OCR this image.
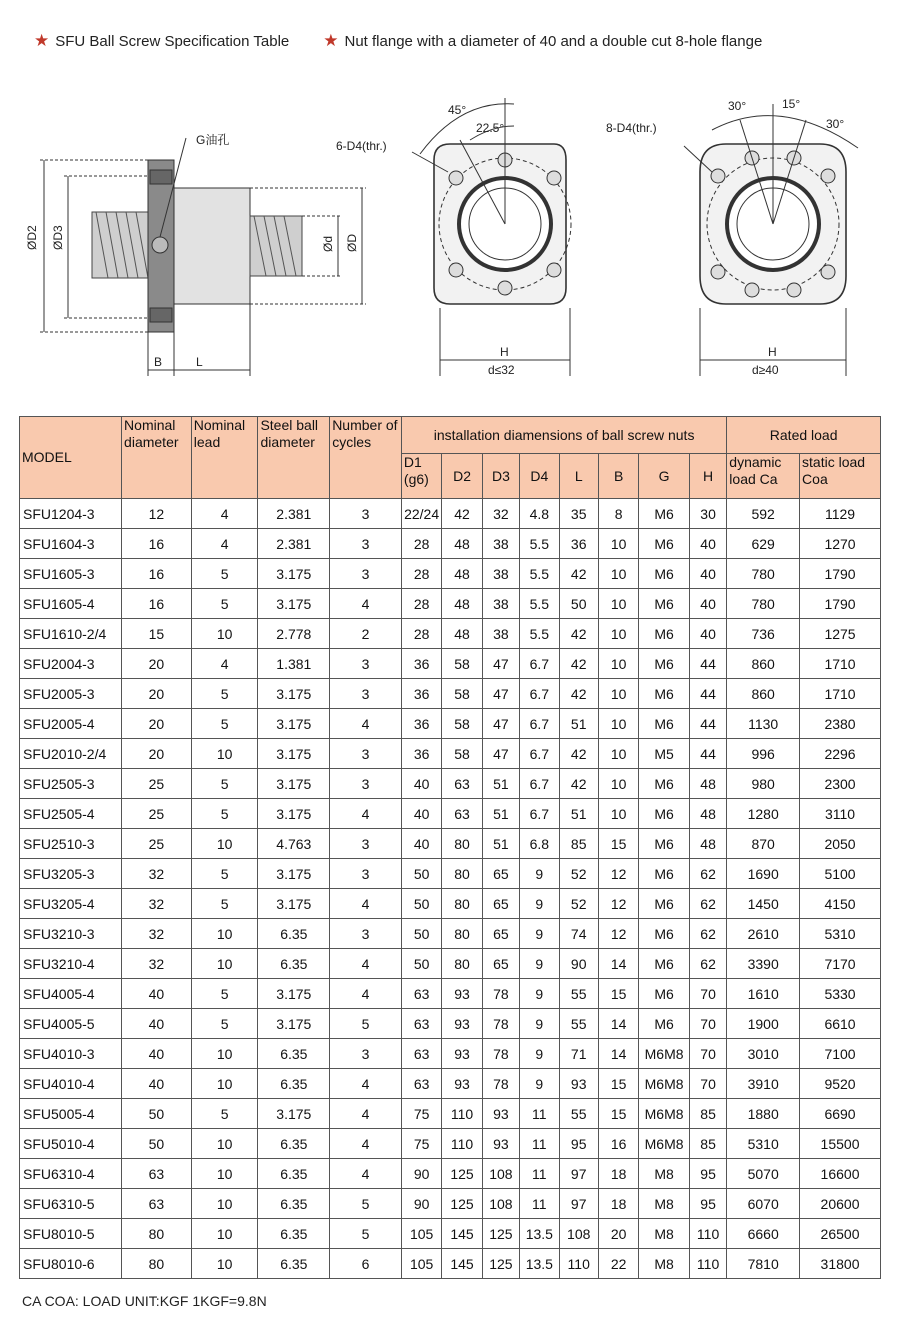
★ SFU Ball Screw Specification Table ★ Nut flange with a diameter of 40 and a double cut 8-hole flange
G油孔
ØD2 ØD3	Ød ØD
B	L
6-D4(thr.)
45°
22.5°
H
d≤32
8-D4(thr.)
30°	15°
30°
H
d≥40
MODEL	Nominal diameter	Nominal lead	Steel ball diameter	Number of cycles	installation diamensions of ball screw nuts								Rated load	
					D1 (g6)	D2	D3	D4	L	B	G	H	dynamic load Ca	static load Coa
SFU1204-3	12	4	2.381	3	22/24	42	32	4.8	35	8	M6	30	592	1129
SFU1604-3	16	4	2.381	3	28	48	38	5.5	36	10	M6	40	629	1270
SFU1605-3	16	5	3.175	3	28	48	38	5.5	42	10	M6	40	780	1790
SFU1605-4	16	5	3.175	4	28	48	38	5.5	50	10	M6	40	780	1790
SFU1610-2/4	15	10	2.778	2	28	48	38	5.5	42	10	M6	40	736	1275
SFU2004-3	20	4	1.381	3	36	58	47	6.7	42	10	M6	44	860	1710
SFU2005-3	20	5	3.175	3	36	58	47	6.7	42	10	M6	44	860	1710
SFU2005-4	20	5	3.175	4	36	58	47	6.7	51	10	M6	44	1130	2380
SFU2010-2/4	20	10	3.175	3	36	58	47	6.7	42	10	M5	44	996	2296
SFU2505-3	25	5	3.175	3	40	63	51	6.7	42	10	M6	48	980	2300
SFU2505-4	25	5	3.175	4	40	63	51	6.7	51	10	M6	48	1280	3110
SFU2510-3	25	10	4.763	3	40	80	51	6.8	85	15	M6	48	870	2050
SFU3205-3	32	5	3.175	3	50	80	65	9	52	12	M6	62	1690	5100
SFU3205-4	32	5	3.175	4	50	80	65	9	52	12	M6	62	1450	4150
SFU3210-3	32	10	6.35	3	50	80	65	9	74	12	M6	62	2610	5310
SFU3210-4	32	10	6.35	4	50	80	65	9	90	14	M6	62	3390	7170
SFU4005-4	40	5	3.175	4	63	93	78	9	55	15	M6	70	1610	5330
SFU4005-5	40	5	3.175	5	63	93	78	9	55	14	M6	70	1900	6610
SFU4010-3	40	10	6.35	3	63	93	78	9	71	14	M6M8	70	3010	7100
SFU4010-4	40	10	6.35	4	63	93	78	9	93	15	M6M8	70	3910	9520
SFU5005-4	50	5	3.175	4	75	110	93	11	55	15	M6M8	85	1880	6690
SFU5010-4	50	10	6.35	4	75	110	93	11	95	16	M6M8	85	5310	15500
SFU6310-4	63	10	6.35	4	90	125	108	11	97	18	M8	95	5070	16600
SFU6310-5	63	10	6.35	5	90	125	108	11	97	18	M8	95	6070	20600
SFU8010-5	80	10	6.35	5	105	145	125	13.5	108	20	M8	110	6660	26500
SFU8010-6	80	10	6.35	6	105	145	125	13.5	110	22	M8	110	7810	31800
CA COA: LOAD UNIT:KGF 1KGF=9.8N
